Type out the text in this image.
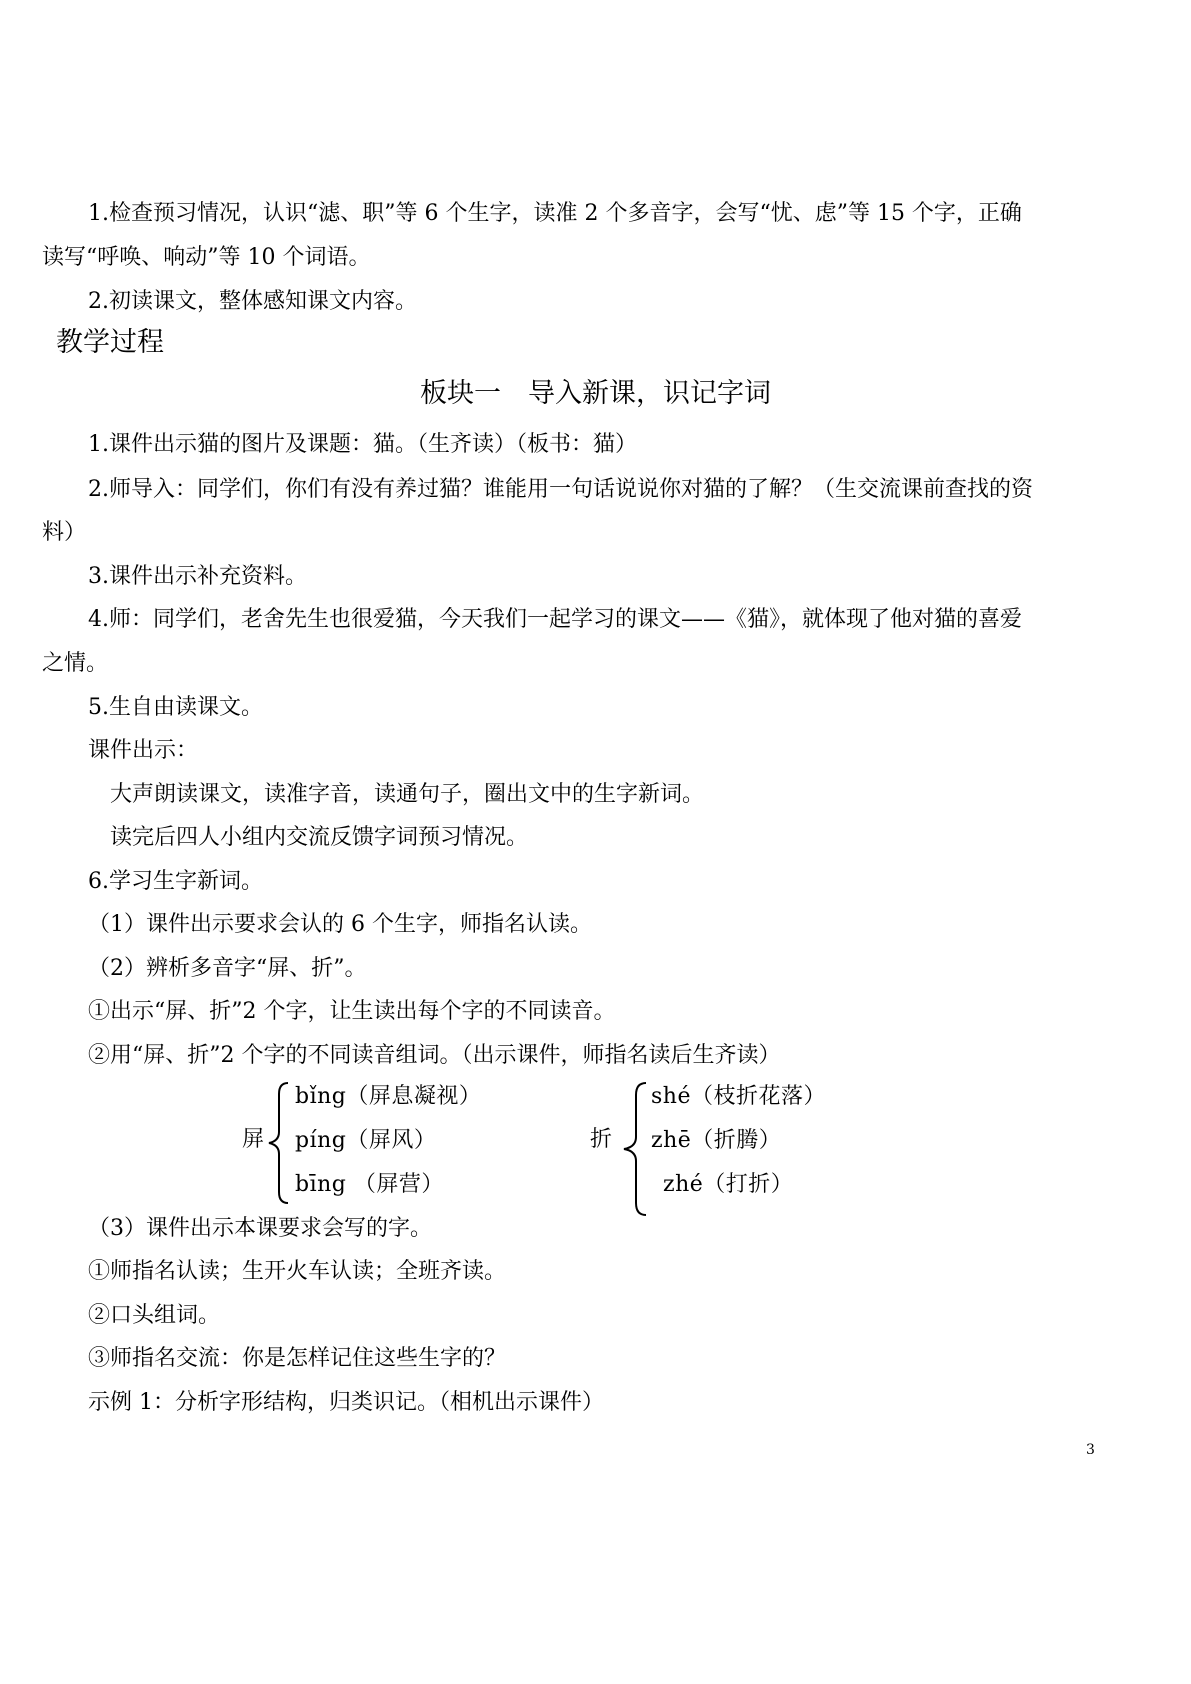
1.检查预习情况，认识“滤、职”等 6 个生字，读准 2 个多音字，会写“忧、虑”等 15 个字，正确
读写“呼唤、响动”等 10 个词语。
2.初读课文，整体感知课文内容。
教学过程
板块一　导入新课，识记字词
1.课件出示猫的图片及课题：猫。（生齐读）（板书：猫）
2.师导入：同学们，你们有没有养过猫？谁能用一句话说说你对猫的了解？（生交流课前查找的资
料）
3.课件出示补充资料。
4.师：同学们，老舍先生也很爱猫，今天我们一起学习的课文——《猫》，就体现了他对猫的喜爱
之情。
5.生自由读课文。
课件出示：
大声朗读课文，读准字音，读通句子，圈出文中的生字新词。
读完后四人小组内交流反馈字词预习情况。
6.学习生字新词。
（1）课件出示要求会认的 6 个生字，师指名认读。
（2）辨析多音字“屏、折”。
①出示“屏、折”2 个字，让生读出每个字的不同读音。
②用“屏、折”2 个字的不同读音组词。（出示课件，师指名读后生齐读）
屏
bǐng（屏息凝视）
píng（屏风）
bīng （屏营）
折
shé（枝折花落）
zhē（折腾）
zhé（打折）
（3）课件出示本课要求会写的字。
①师指名认读；生开火车认读；全班齐读。
②口头组词。
③师指名交流：你是怎样记住这些生字的？
示例 1：分析字形结构，归类识记。（相机出示课件）
3
